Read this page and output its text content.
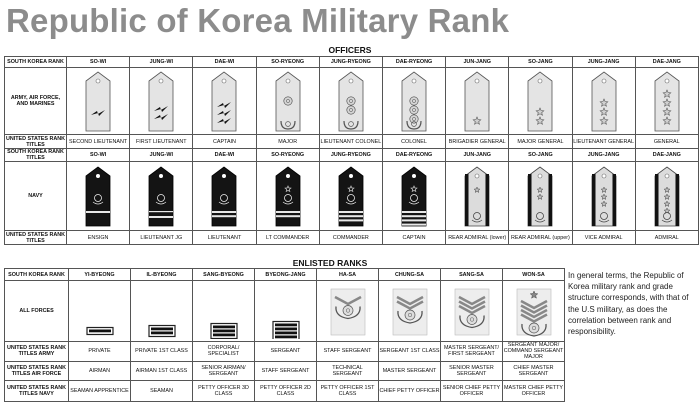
Republic of Korea Military Rank
OFFICERS
SOUTH KOREA RANK	SO-WI	JUNG-WI	DAE-WI	SO-RYEONG	JUNG-RYEONG	DAE-RYEONG	JUN-JANG	SO-JANG	JUNG-JANG	DAE-JANG
ARMY, AIR FORCE, AND MARINES	

UNITED STATES RANK TITLES	SECOND LIEUTENANT	FIRST LIEUTENANT	CAPTAIN	MAJOR	LIEUTENANT COLONEL	COLONEL	BRIGADIER GENERAL	MAJOR GENERAL	LIEUTENANT GENERAL	GENERAL
SOUTH KOREA RANK TITLES	SO-WI	JUNG-WI	DAE-WI	SO-RYEONG	JUNG-RYEONG	DAE-RYEONG	JUN-JANG	SO-JANG	JUNG-JANG	DAE-JANG
NAVY	

UNITED STATES RANK TITLES	ENSIGN	LIEUTENANT JG	LIEUTENANT	LT COMMANDER	COMMANDER	CAPTAIN	REAR ADMIRAL (lower)	REAR ADMIRAL (upper)	VICE ADMIRAL	ADMIRAL
ENLISTED RANKS
SOUTH KOREA RANK	YI-BYEONG	IL-BYEONG	SANG-BYEONG	BYEONG-JANG	HA-SA	CHUNG-SA	SANG-SA	WON-SA
ALL FORCES	

UNITED STATES RANK TITLES ARMY	PRIVATE	PRIVATE 1ST CLASS	CORPORAL/ SPECIALIST	SERGEANT	STAFF SERGEANT	SERGEANT 1ST CLASS	MASTER SERGEANT/ FIRST SERGEANT	SERGEANT MAJOR/ COMMAND SERGEANT MAJOR
UNITED STATES RANK TITLES AIR FORCE	AIRMAN	AIRMAN 1ST CLASS	SENIOR AIRMAN/ SERGEANT	STAFF SERGEANT	TECHNICAL SERGEANT	MASTER SERGEANT	SENIOR MASTER SERGEANT	CHIEF MASTER SERGEANT
UNITED STATES RANK TITLES NAVY	SEAMAN APPRENTICE	SEAMAN	PETTY OFFICER 3D CLASS	PETTY OFFICER 2D CLASS	PETTY OFFICER 1ST CLASS	CHIEF PETTY OFFICER	SENIOR CHIEF PETTY OFFICER	MASTER CHIEF PETTY OFFICER
In general terms, the Republic of Korea military rank and grade structure corresponds, with that of the U.S military, as does the correlation between rank and responsibility.
